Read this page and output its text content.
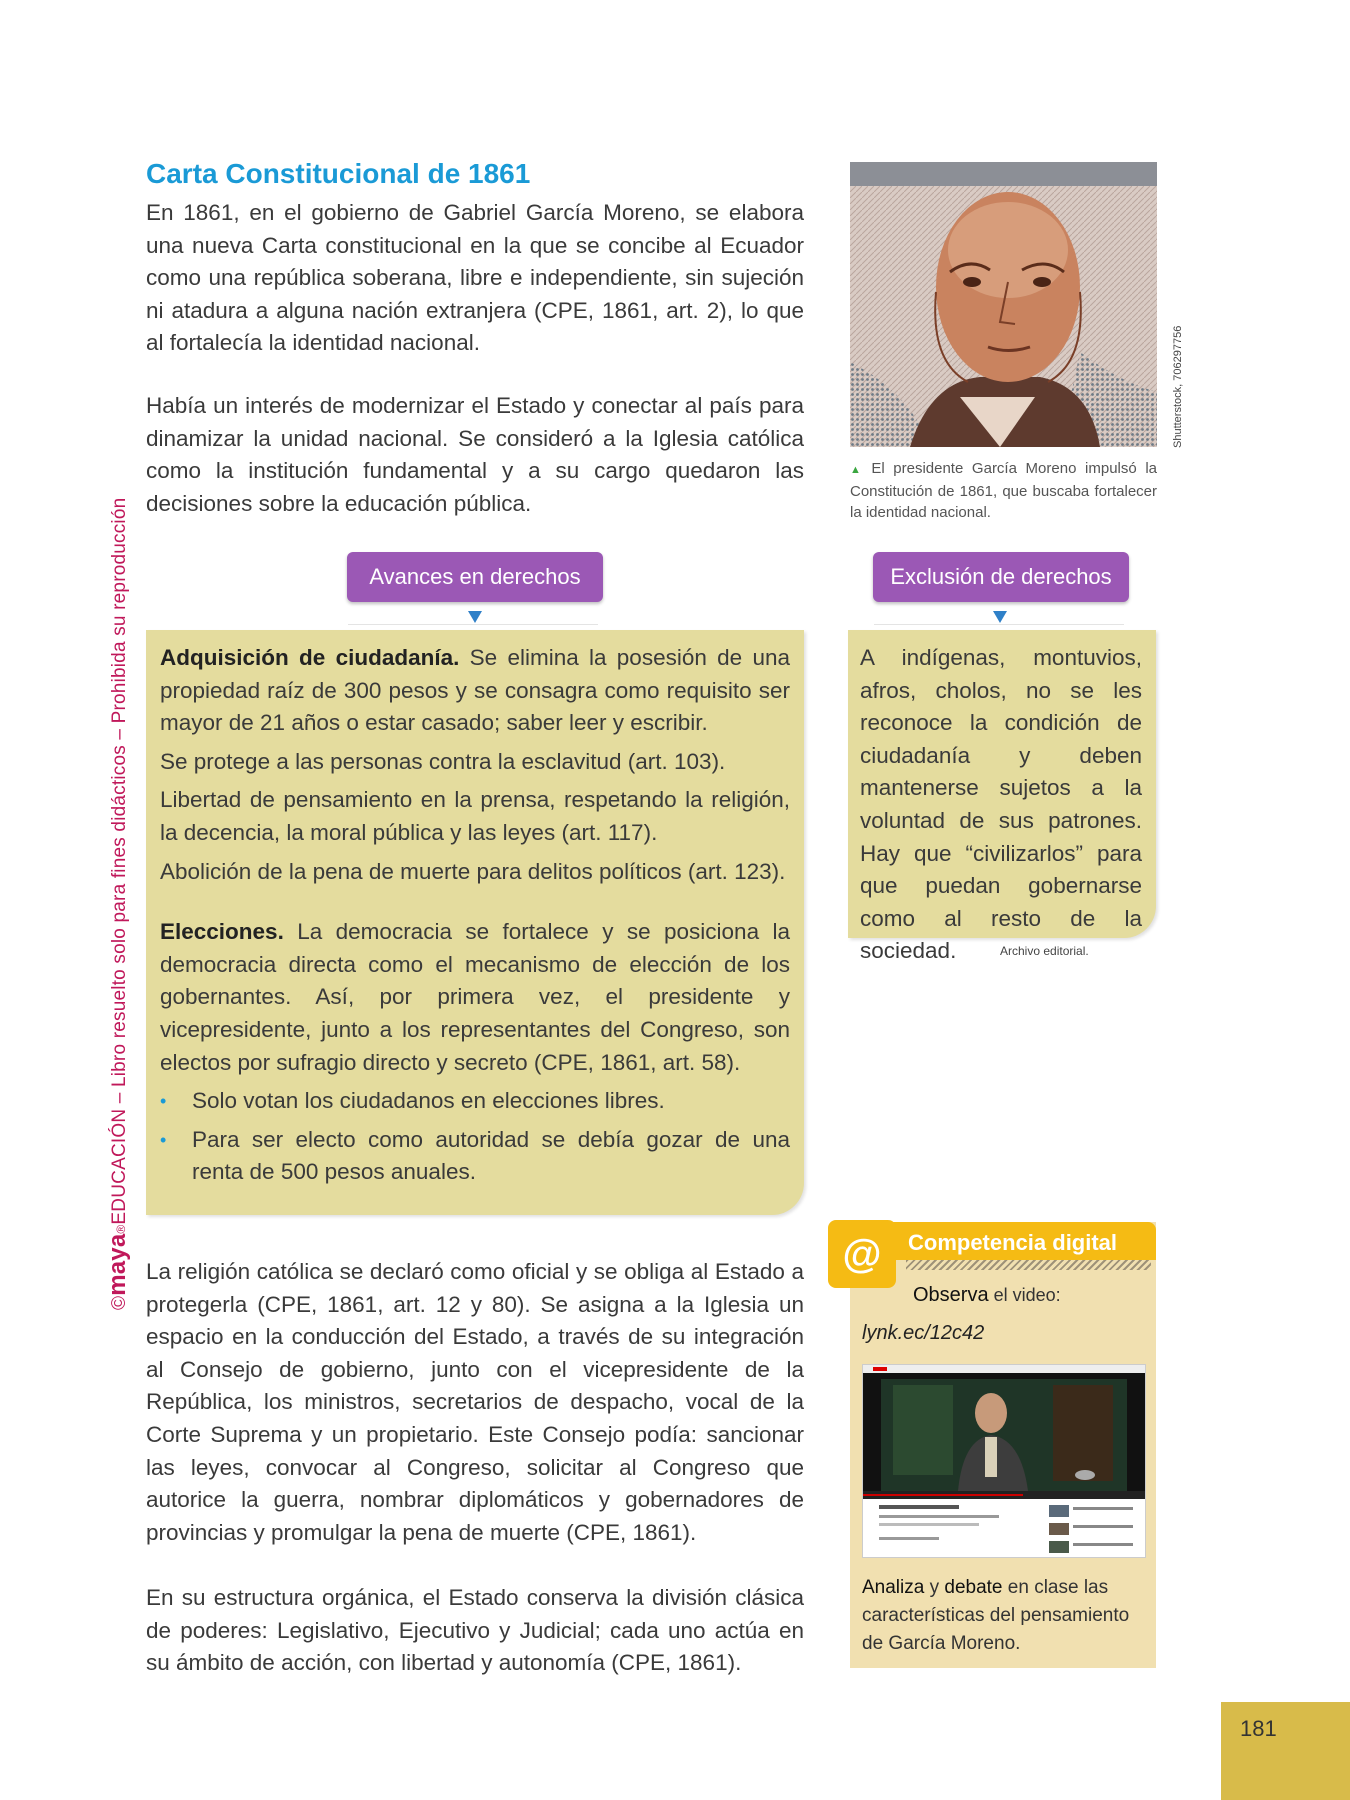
©maya®EDUCACIÓN – Libro resuelto solo para fines didácticos – Prohibida su reproducción
Carta Constitucional de 1861

En 1861, en el gobierno de Gabriel García Moreno, se elabora una nueva Carta constitucional en la que se concibe al Ecuador como una república soberana, libre e independiente, sin sujeción ni atadura a alguna nación extranjera (CPE, 1861, art. 2), lo que al fortalecía la identidad nacional.

Había un interés de modernizar el Estado y conectar al país para dinamizar la unidad nacional. Se consideró a la Iglesia católica como la institución fundamental y a su cargo quedaron las decisiones sobre la educación pública.

Shutterstock, 706297756
▲ El presidente García Moreno impulsó la Constitución de 1861, que buscaba fortalecer la identidad nacional.
Avances en derechos	Exclusión de derechos

Adquisición de ciudadanía. Se elimina la posesión de una propiedad raíz de 300 pesos y se consagra como requisito ser mayor de 21 años o estar casado; saber leer y escribir.

Se protege a las personas contra la esclavitud (art. 103).

Libertad de pensamiento en la prensa, respetando la religión, la decencia, la moral pública y las leyes (art. 117).

Abolición de la pena de muerte para delitos políticos (art. 123).

Elecciones. La democracia se fortalece y se posiciona la democracia directa como el mecanismo de elección de los gobernantes. Así, por primera vez, el presidente y vicepresidente, junto a los representantes del Congreso, son electos por sufragio directo y secreto (CPE, 1861, art. 58).

• Solo votan los ciudadanos en elecciones libres.
• Para ser electo como autoridad se debía gozar de una renta de 500 pesos anuales.

A indígenas, montuvios, afros, cholos, no se les reconoce la condición de ciudadanía y deben mantenerse sujetos a la voluntad de sus patrones. Hay que “civilizarlos” para que puedan gobernarse como al resto de la sociedad.	Archivo editorial.

La religión católica se declaró como oficial y se obliga al Estado a protegerla (CPE, 1861, art. 12 y 80). Se asigna a la Iglesia un espacio en la conducción del Estado, a través de su integración al Consejo de gobierno, junto con el vicepresidente de la República, los ministros, secretarios de despacho, vocal de la Corte Suprema y un propietario. Este Consejo podía: sancionar las leyes, convocar al Congreso, solicitar al Congreso que autorice la guerra, nombrar diplomáticos y gobernadores de provincias y promulgar la pena de muerte (CPE, 1861).

En su estructura orgánica, el Estado conserva la división clásica de poderes: Legislativo, Ejecutivo y Judicial; cada uno actúa en su ámbito de acción, con libertad y autonomía (CPE, 1861).

Competencia digital
@
Observa el video:
lynk.ec/12c42
Analiza y debate en clase las características del pensamiento de García Moreno.
181
